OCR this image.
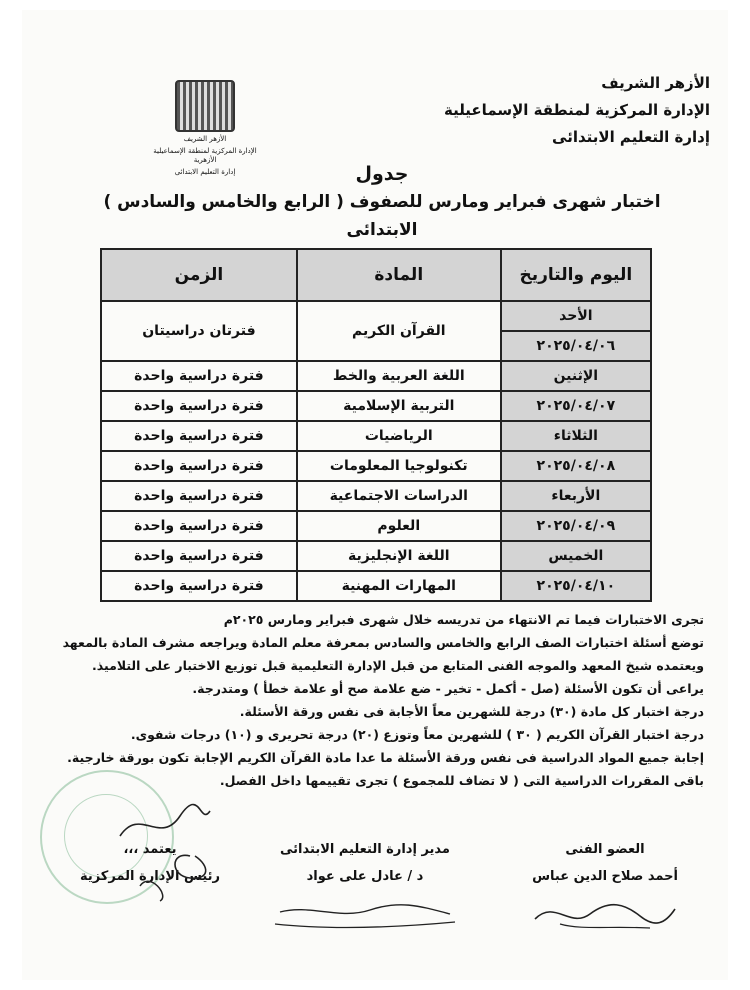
الأزهر الشريف
الإدارة المركزية لمنطقة الإسماعيلية
إدارة التعليم الابتدائى
الأزهر الشريف
الإدارة المركزية لمنطقة الإسماعيلية الأزهرية
إدارة التعليم الابتدائى	جدول
اختبار شهرى فبراير ومارس للصفوف ( الرابع والخامس والسادس ) الابتدائى
اليوم والتاريخ	المادة	الزمن
الأحد	القرآن الكريم	فترتان دراسيتان
٢٠٢٥/٠٤/٠٦		
الإثنين	اللغة العربية والخط	فترة دراسية واحدة
٢٠٢٥/٠٤/٠٧	التربية الإسلامية	فترة دراسية واحدة
الثلاثاء	الرياضيات	فترة دراسية واحدة
٢٠٢٥/٠٤/٠٨	تكنولوجيا المعلومات	فترة دراسية واحدة
الأربعاء	الدراسات الاجتماعية	فترة دراسية واحدة
٢٠٢٥/٠٤/٠٩	العلوم	فترة دراسية واحدة
الخميس	اللغة الإنجليزية	فترة دراسية واحدة
٢٠٢٥/٠٤/١٠	المهارات المهنية	فترة دراسية واحدة
تجرى الاختبارات فيما تم الانتهاء من تدريسه خلال شهرى فبراير ومارس ٢٠٢٥م
توضع أسئلة اختبارات الصف الرابع والخامس والسادس بمعرفة معلم المادة ويراجعه مشرف المادة بالمعهد
ويعتمده شيخ المعهد والموجه الفنى المتابع من قبل الإدارة التعليمية قبل توزيع الاختبار على التلاميذ.
يراعى أن تكون الأسئلة (صل - أكمل - تخير - ضع علامة صح أو علامة خطأ ) ومتدرجة.
درجة اختبار كل مادة (٣٠) درجة للشهرين معاً الأجابة فى نفس ورقة الأسئلة.
درجة اختبار القرآن الكريم ( ٣٠ ) للشهرين معاً وتوزع (٢٠) درجة تحريرى و (١٠) درجات شفوى.
إجابة جميع المواد الدراسية فى نفس ورقة الأسئلة ما عدا مادة القرآن الكريم الإجابة تكون بورقة خارجية.
باقى المقررات الدراسية التى ( لا تضاف للمجموع ) تجرى تقييمها داخل الفصل.
العضو الفنى
أحمد صلاح الدين عباس
مدير إدارة التعليم الابتدائى
د / عادل على عواد
يعتمد ،،،
رئيس الإدارة المركزية
